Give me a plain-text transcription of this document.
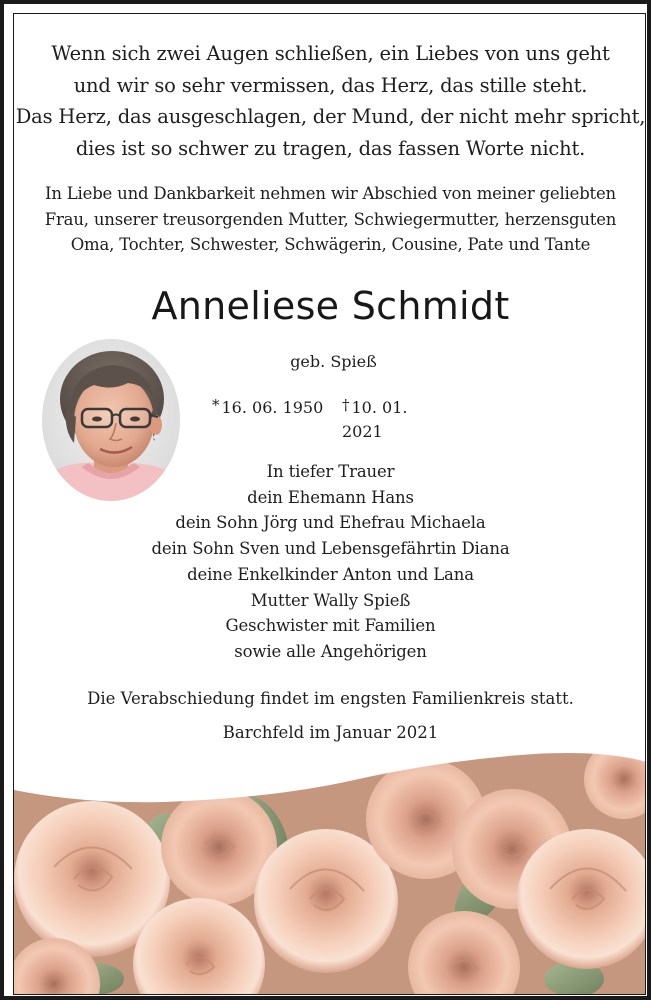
Wenn sich zwei Augen schließen, ein Liebes von uns geht
und wir so sehr vermissen, das Herz, das stille steht.
Das Herz, das ausgeschlagen, der Mund, der nicht mehr spricht,
dies ist so schwer zu tragen, das fassen Worte nicht.
In Liebe und Dankbarkeit nehmen wir Abschied von meiner geliebten
Frau, unserer treusorgenden Mutter, Schwiegermutter, herzensguten
Oma, Tochter, Schwester, Schwägerin, Cousine, Pate und Tante
Anneliese Schmidt
geb. Spieß
* 16. 06. 1950 † 10. 01. 2021
In tiefer Trauer
dein Ehemann Hans
dein Sohn Jörg und Ehefrau Michaela
dein Sohn Sven und Lebensgefährtin Diana
deine Enkelkinder Anton und Lana
Mutter Wally Spieß
Geschwister mit Familien
sowie alle Angehörigen
Die Verabschiedung findet im engsten Familienkreis statt.
Barchfeld im Januar 2021
